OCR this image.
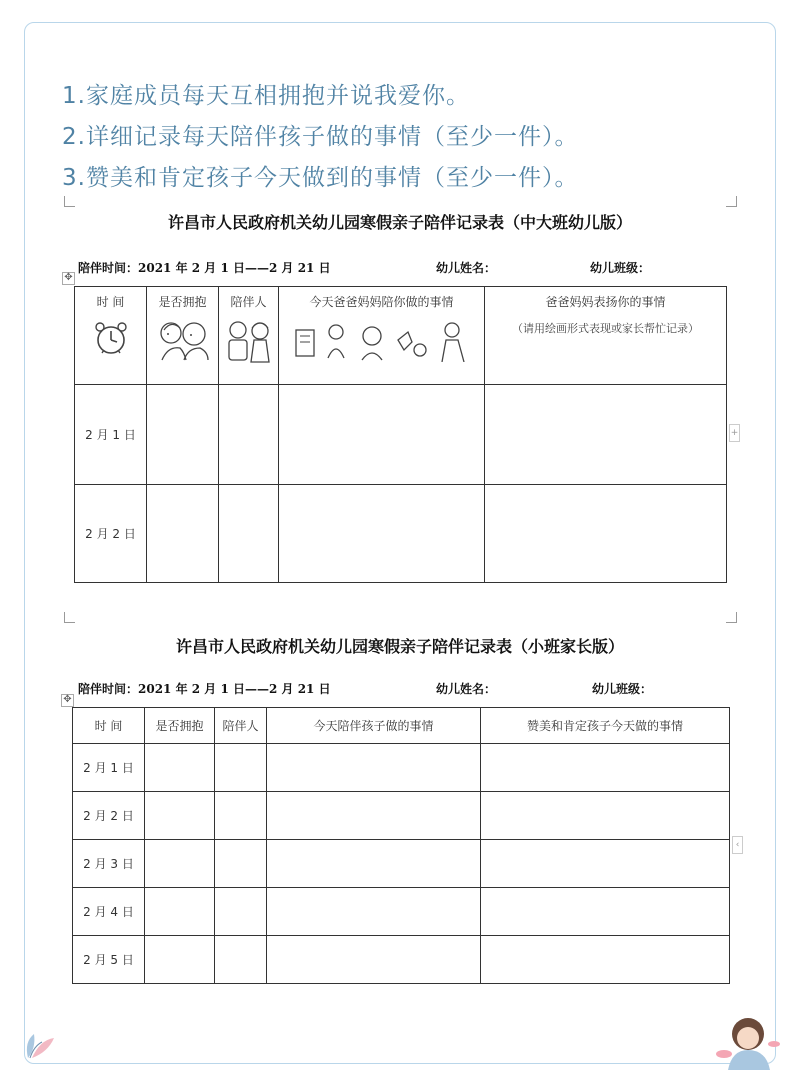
1.家庭成员每天互相拥抱并说我爱你。
2.详细记录每天陪伴孩子做的事情（至少一件）。
3.赞美和肯定孩子今天做到的事情（至少一件）。
许昌市人民政府机关幼儿园寒假亲子陪伴记录表（中大班幼儿版）
陪伴时间：2021 年 2 月 1 日——2 月 21 日	幼儿姓名：	幼儿班级：
✥
时 间	是否拥抱	陪伴人	今天爸爸妈妈陪你做的事情	爸爸妈妈表扬你的事情
（请用绘画形式表现或家长帮忙记录）

2 月 1 日				
2 月 2 日				
+
许昌市人民政府机关幼儿园寒假亲子陪伴记录表（小班家长版）
陪伴时间：2021 年 2 月 1 日——2 月 21 日	幼儿姓名：	幼儿班级：
✥
时 间	是否拥抱	陪伴人	今天陪伴孩子做的事情	赞美和肯定孩子今天做的事情
2 月 1 日				
2 月 2 日				
2 月 3 日				
2 月 4 日				
2 月 5 日				
‹
